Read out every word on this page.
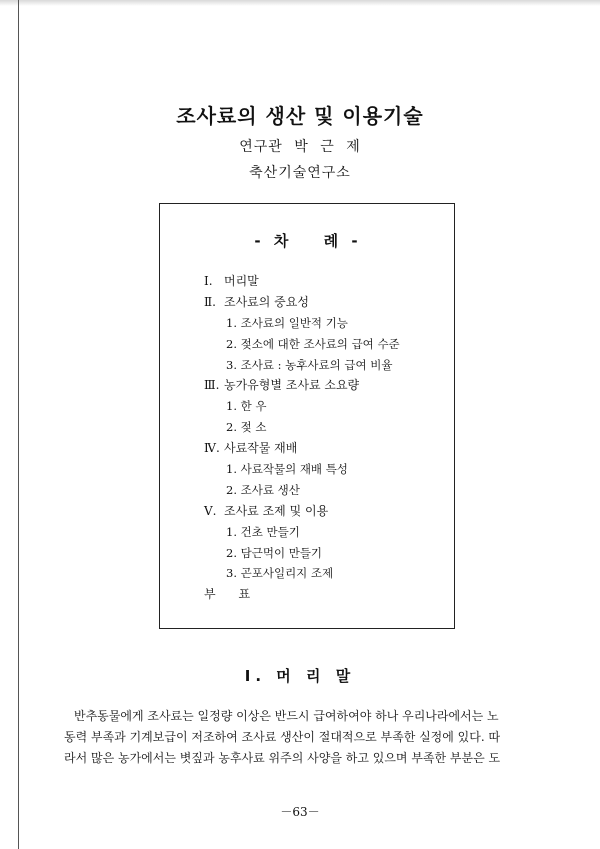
조사료의 생산 및 이용기술
연구관 박 근 제
축산기술연구소
- 차 례 -
Ⅰ. 머리말
Ⅱ. 조사료의 중요성
1. 조사료의 일반적 기능
2. 젖소에 대한 조사료의 급여 수준
3. 조사료 : 농후사료의 급여 비율
Ⅲ. 농가유형별 조사료 소요량
1. 한 우
2. 젖 소
Ⅳ. 사료작물 재배
1. 사료작물의 재배 특성
2. 조사료 생산
Ⅴ. 조사료 조제 및 이용
1. 건초 만들기
2. 담근먹이 만들기
3. 곤포사일리지 조제
부      표
Ⅰ. 머 리 말

반추동물에게 조사료는 일정량 이상은 반드시 급여하여야 하나 우리나라에서는 노
동력 부족과 기계보급이 저조하여 조사료 생산이 절대적으로 부족한 실정에 있다. 따
라서 많은 농가에서는 볏짚과 농후사료 위주의 사양을 하고 있으며 부족한 부분은 도

－63－
